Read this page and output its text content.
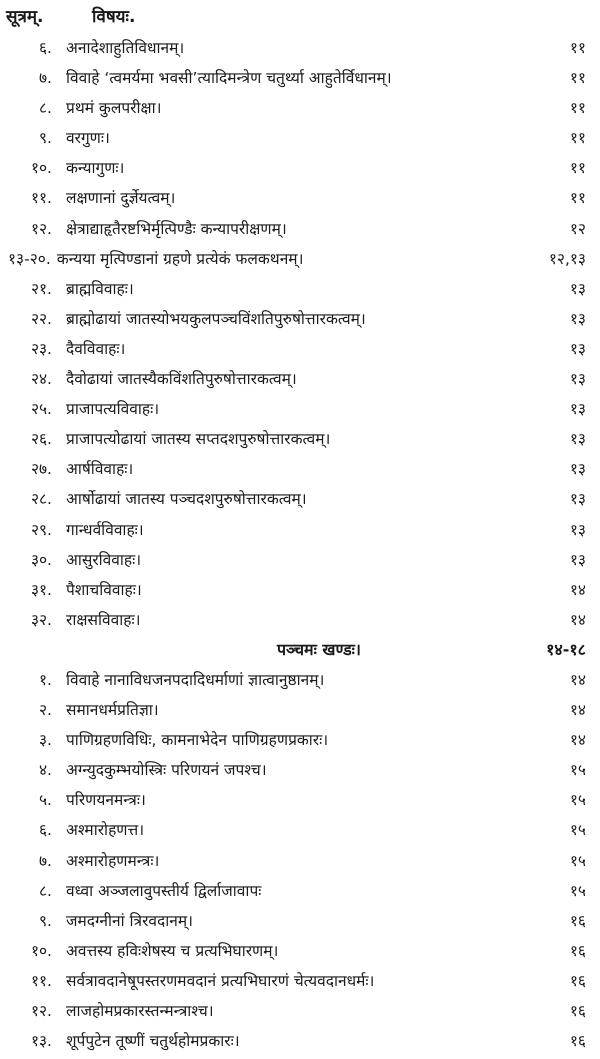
सूत्रम्.	विषयः.
६. अनादेशाहुतिविधानम्।	११
७. विवाहे ‘त्वमर्यमा भवसी’त्यादिमन्त्रेण चतुर्थ्या आहुतेर्विधानम्।	११
८. प्रथमं कुलपरीक्षा।	११
९. वरगुणः।	११
१०. कन्यागुणः।	११
११. लक्षणानां दुर्ज्ञेयत्वम्।	११
१२. क्षेत्राद्याहृतैरष्टभिर्मृत्पिण्डैः कन्यापरीक्षणम्।	१२
१३-२०. कन्यया मृत्पिण्डानां ग्रहणे प्रत्येकं फलकथनम्।	१२,१३
२१. ब्राह्मविवाहः।	१३
२२. ब्राह्मोढायां जातस्योभयकुलपञ्चविंशतिपुरुषोत्तारकत्वम्।	१३
२३. दैवविवाहः।	१३
२४. दैवोढायां जातस्यैकविंशतिपुरुषोत्तारकत्वम्।	१३
२५. प्राजापत्यविवाहः।	१३
२६. प्राजापत्योढायां जातस्य सप्तदशपुरुषोत्तारकत्वम्।	१३
२७. आर्षविवाहः।	१३
२८. आर्षोढायां जातस्य पञ्चदशपुरुषोत्तारकत्वम्।	१३
२९. गान्धर्वविवाहः।	१३
३०. आसुरविवाहः।	१३
३१. पैशाचविवाहः।	१४
३२. राक्षसविवाहः।	१४
पञ्चमः खण्डः।	१४-१८
१. विवाहे नानाविधजनपदादिधर्माणां ज्ञात्वानुष्ठानम्।	१४
२. समानधर्मप्रतिज्ञा।	१४
३. पाणिग्रहणविधिः, कामनाभेदेन पाणिग्रहणप्रकारः।	१४
४. अग्न्युदकुम्भयोस्त्रिः परिणयनं जपश्च।	१५
५. परिणयनमन्त्रः।	१५
६. अश्मारोहणत्त।	१५
७. अश्मारोहणमन्त्रः।	१५
८. वध्वा अञ्जलावुपस्तीर्य द्विर्लाजावापः	१५
९. जमदग्नीनां त्रिरवदानम्।	१६
१०. अवत्तस्य हविःशेषस्य च प्रत्यभिघारणम्।	१६
११. सर्वत्रावदानेषूपस्तरणमवदानं प्रत्यभिघारणं चेत्यवदानधर्मः।	१६
१२. लाजहोमप्रकारस्तन्मन्त्राश्च।	१६
१३. शूर्पपुटेन तूष्णीं चतुर्थहोमप्रकारः।	१६
